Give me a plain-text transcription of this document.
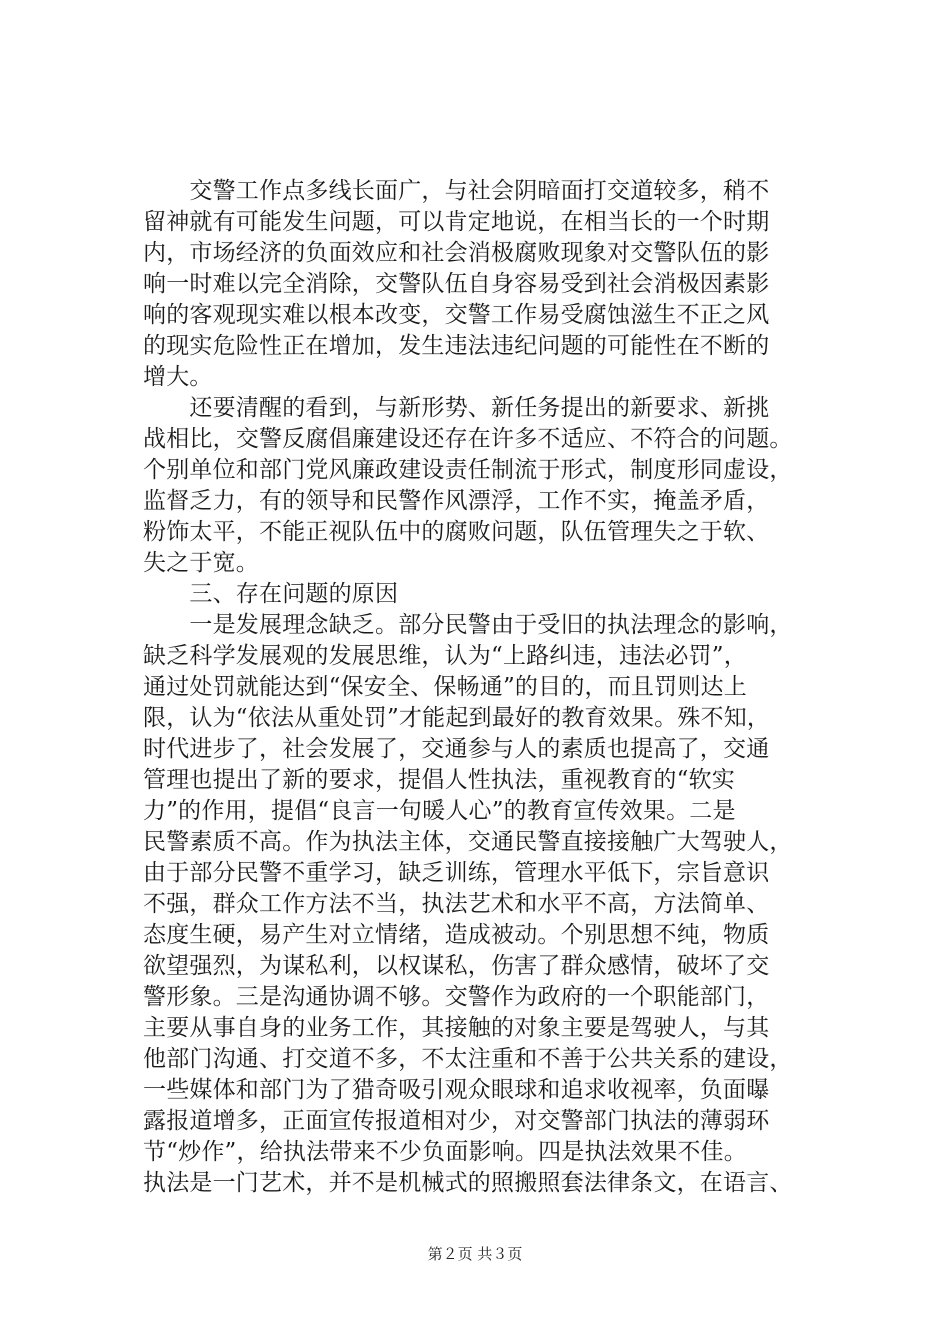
　　交警工作点多线长面广，与社会阴暗面打交道较多，稍不
留神就有可能发生问题，可以肯定地说，在相当长的一个时期
内，市场经济的负面效应和社会消极腐败现象对交警队伍的影
响一时难以完全消除，交警队伍自身容易受到社会消极因素影
响的客观现实难以根本改变，交警工作易受腐蚀滋生不正之风
的现实危险性正在增加，发生违法违纪问题的可能性在不断的
增大。
　　还要清醒的看到，与新形势、新任务提出的新要求、新挑
战相比，交警反腐倡廉建设还存在许多不适应、不符合的问题。
个别单位和部门党风廉政建设责任制流于形式，制度形同虚设，
监督乏力，有的领导和民警作风漂浮，工作不实，掩盖矛盾，
粉饰太平，不能正视队伍中的腐败问题，队伍管理失之于软、
失之于宽。
　　三、存在问题的原因
　　一是发展理念缺乏。部分民警由于受旧的执法理念的影响，
缺乏科学发展观的发展思维，认为“上路纠违，违法必罚”，
通过处罚就能达到“保安全、保畅通”的目的，而且罚则达上
限，认为“依法从重处罚”才能起到最好的教育效果。殊不知，
时代进步了，社会发展了，交通参与人的素质也提高了，交通
管理也提出了新的要求，提倡人性执法，重视教育的“软实
力”的作用，提倡“良言一句暖人心”的教育宣传效果。二是
民警素质不高。作为执法主体，交通民警直接接触广大驾驶人，
由于部分民警不重学习，缺乏训练，管理水平低下，宗旨意识
不强，群众工作方法不当，执法艺术和水平不高，方法简单、
态度生硬，易产生对立情绪，造成被动。个别思想不纯，物质
欲望强烈，为谋私利，以权谋私，伤害了群众感情，破坏了交
警形象。三是沟通协调不够。交警作为政府的一个职能部门，
主要从事自身的业务工作，其接触的对象主要是驾驶人，与其
他部门沟通、打交道不多，不太注重和不善于公共关系的建设，
一些媒体和部门为了猎奇吸引观众眼球和追求收视率，负面曝
露报道增多，正面宣传报道相对少，对交警部门执法的薄弱环
节“炒作”，给执法带来不少负面影响。四是执法效果不佳。
执法是一门艺术，并不是机械式的照搬照套法律条文，在语言、
第２页 共３页
